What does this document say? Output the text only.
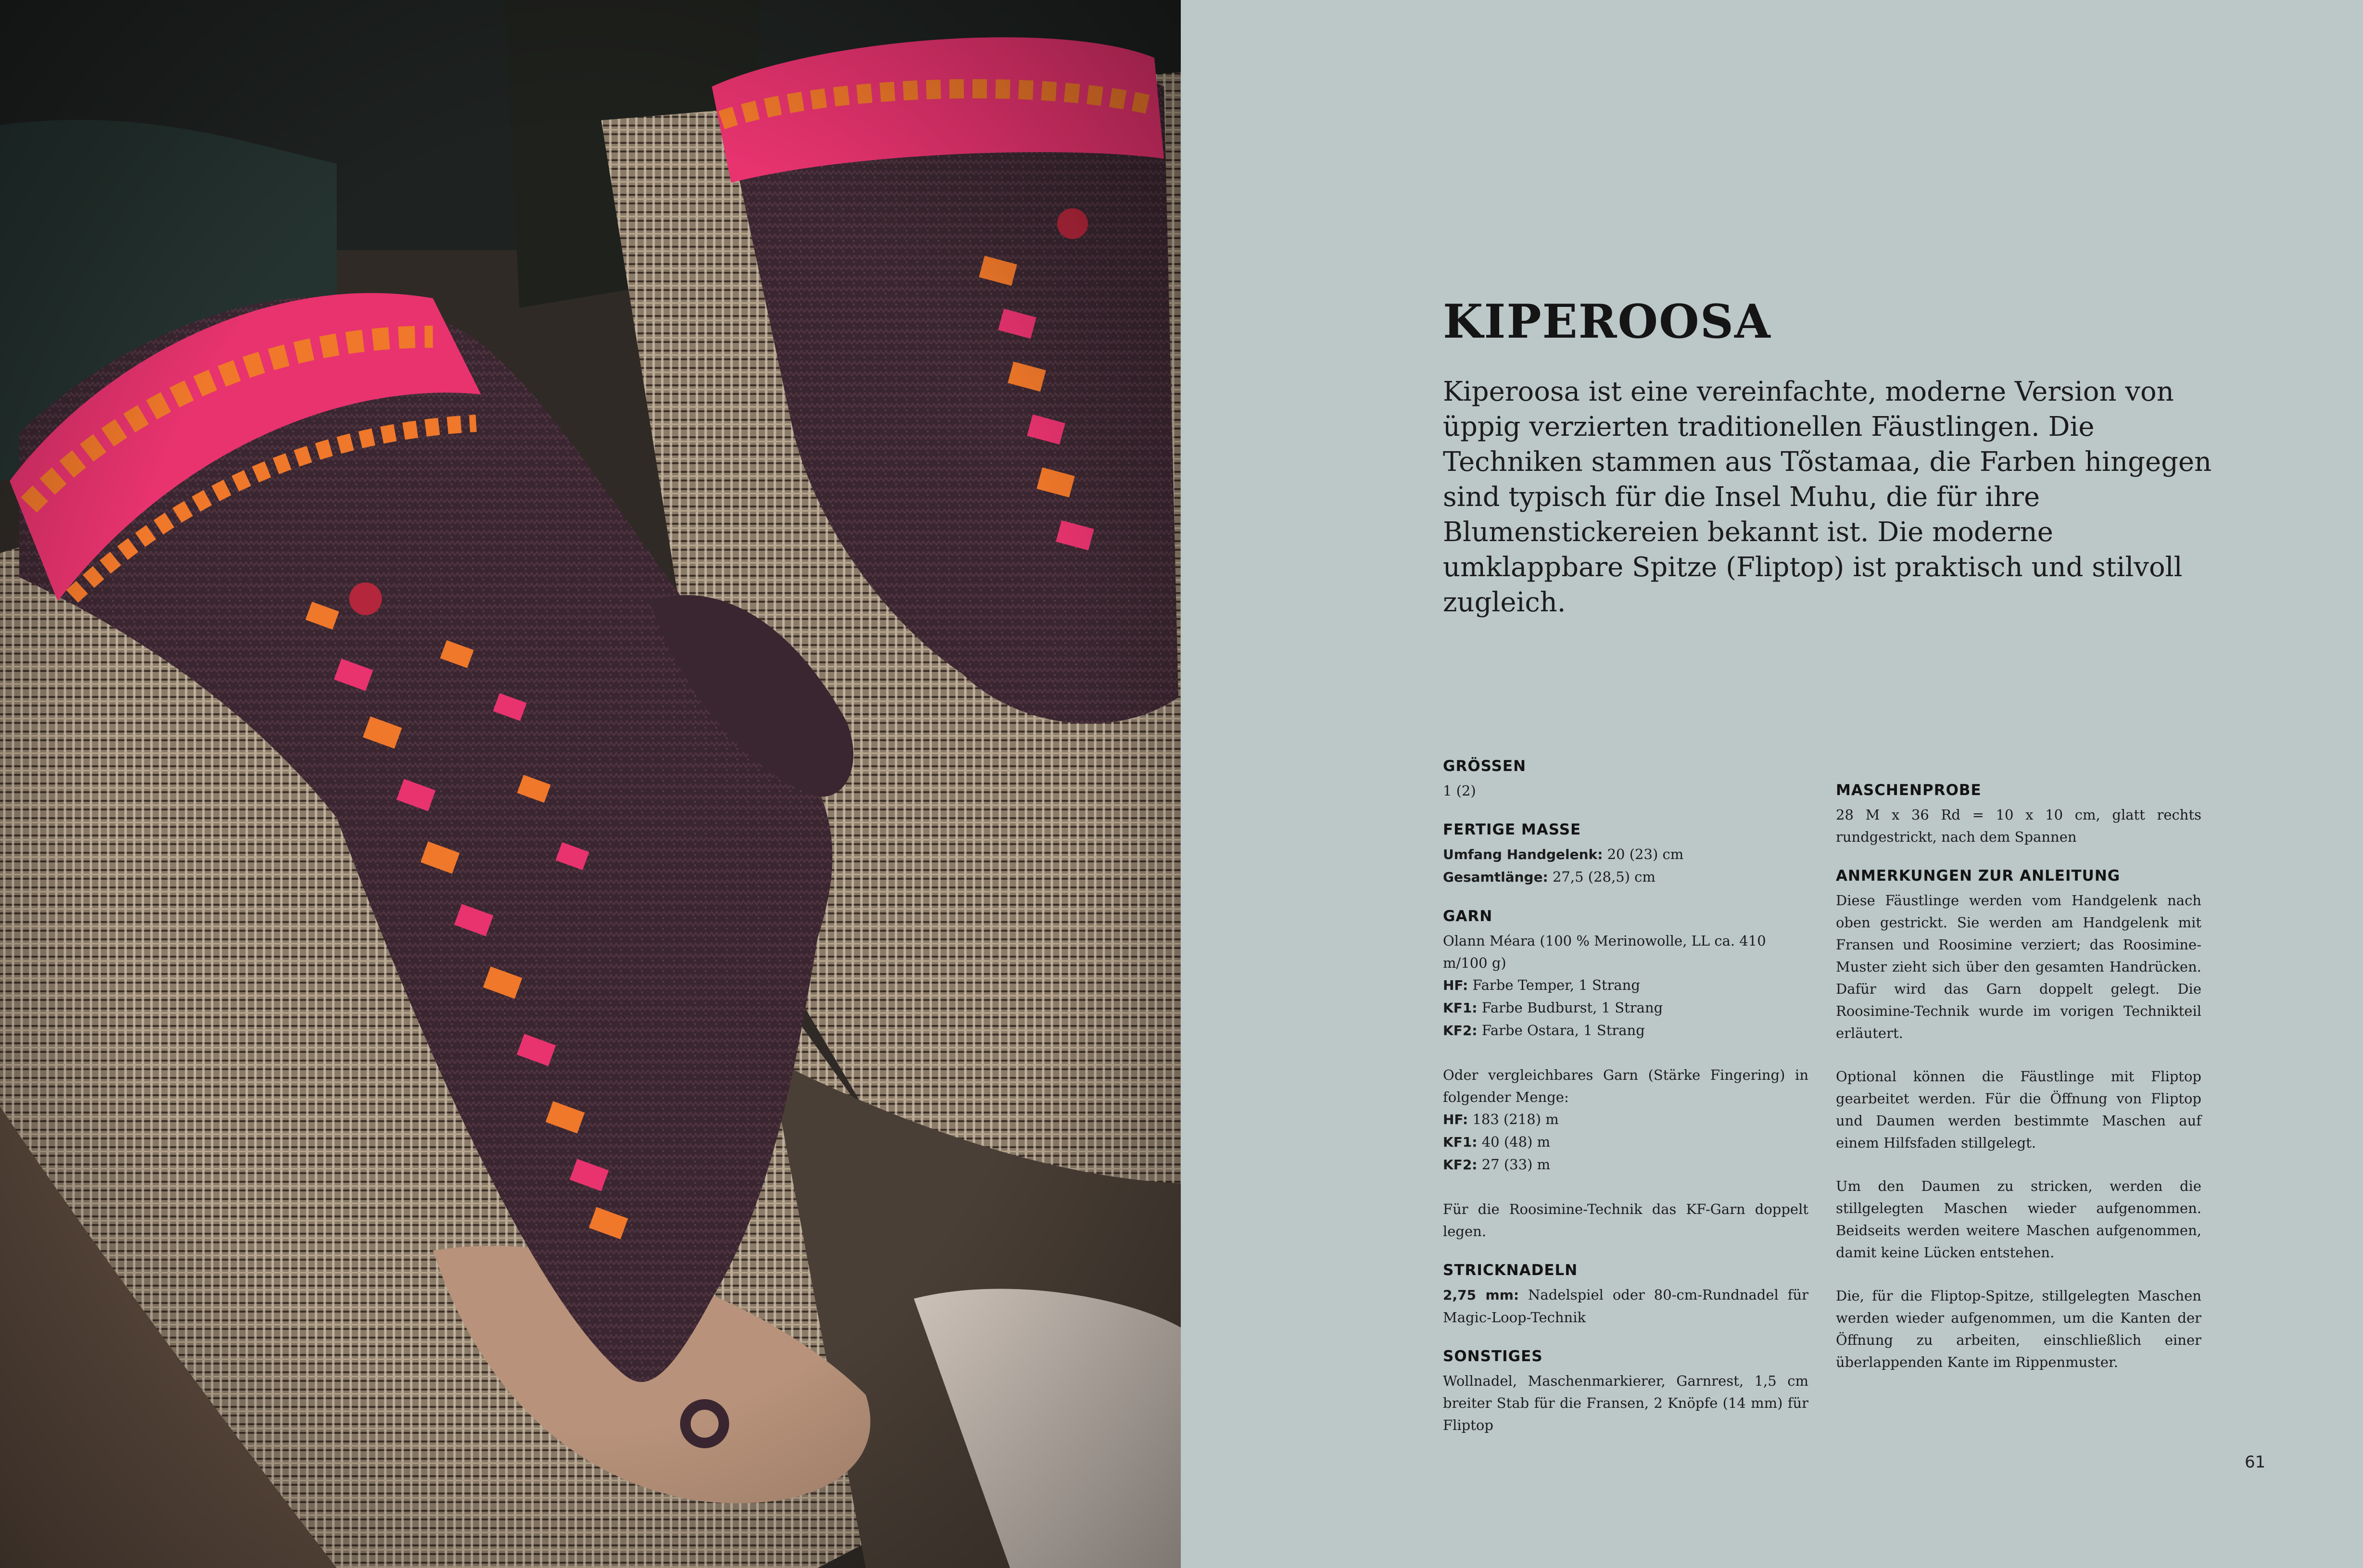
KIPEROOSA

Kiperoosa ist eine vereinfachte, moderne Version von üppig verzierten traditionellen Fäustlingen. Die Techniken stammen aus Tõstamaa, die Farben hingegen sind typisch für die Insel Muhu, die für ihre Blumenstickereien bekannt ist. Die moderne umklappbare Spitze (Fliptop) ist praktisch und stilvoll zugleich.

GRÖSSEN

1 (2)

FERTIGE MASSE

Umfang Handgelenk: 20 (23) cm

Gesamtlänge: 27,5 (28,5) cm

GARN

Olann Méara (100 % Merinowolle, LL ca. 410 m/100 g)

HF: Farbe Temper, 1 Strang

KF1: Farbe Budburst, 1 Strang

KF2: Farbe Ostara, 1 Strang

Oder vergleichbares Garn (Stärke Fingering) in folgender Menge:

HF: 183 (218) m

KF1: 40 (48) m

KF2: 27 (33) m

Für die Roosimine-Technik das KF-Garn doppelt legen.

STRICKNADELN

2,75 mm: Nadelspiel oder 80-cm-Rundnadel für Magic-Loop-Technik

SONSTIGES

Wollnadel, Maschenmarkierer, Garnrest, 1,5 cm breiter Stab für die Fransen, 2 Knöpfe (14 mm) für Fliptop

MASCHENPROBE

28 M x 36 Rd = 10 x 10 cm, glatt rechts rundgestrickt, nach dem Spannen

ANMERKUNGEN ZUR ANLEITUNG

Diese Fäustlinge werden vom Handgelenk nach oben gestrickt. Sie werden am Handgelenk mit Fransen und Roosimine verziert; das Roosimine-Muster zieht sich über den gesamten Handrücken. Dafür wird das Garn doppelt gelegt. Die Roosimine-Technik wurde im vorigen Technikteil erläutert.

Optional können die Fäustlinge mit Fliptop gearbeitet werden. Für die Öffnung von Fliptop und Daumen werden bestimmte Maschen auf einem Hilfsfaden stillgelegt.

Um den Daumen zu stricken, werden die stillgelegten Maschen wieder aufgenommen. Beidseits werden weitere Maschen aufgenommen, damit keine Lücken entstehen.

Die, für die Fliptop-Spitze, stillgelegten Maschen werden wieder aufgenommen, um die Kanten der Öffnung zu arbeiten, einschließlich einer überlappenden Kante im Rippenmuster.

61
